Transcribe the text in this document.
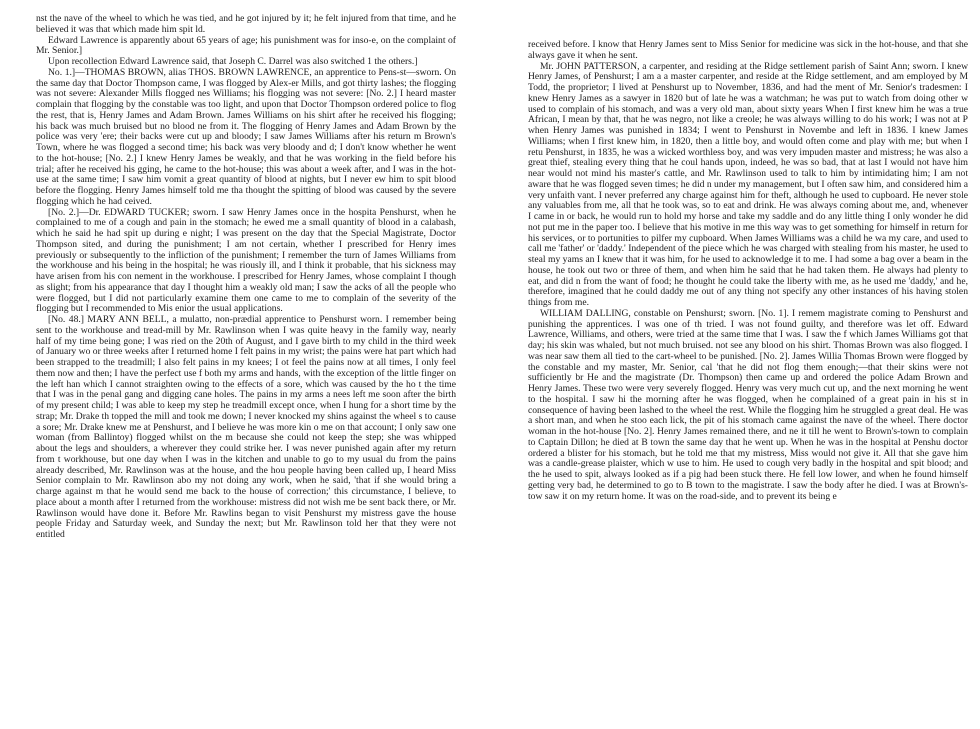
nst the nave of the wheel to which he was tied, and he got injured by it; he felt injured from that time, and he believed it was that which made him spit ld.

Edward Lawrence is apparently about 65 years of age; his punishment was for inso-e, on the complaint of Mr. Senior.]

Upon recollection Edward Lawrence said, that Joseph C. Darrel was also switched 1 the others.]

No. 1.]—THOMAS BROWN, alias THOS. BROWN LAWRENCE, an apprentice to Pens-st—sworn. On the same day that Doctor Thompson came, I was flogged by Alex-er Mills, and got thirty lashes; the flogging was not severe: Alexander Mills flogged nes Williams; his flogging was not severe: [No. 2.] I heard master complain that flogging by the constable was too light, and upon that Doctor Thompson ordered police to flog the rest, that is, Henry James and Adam Brown. James Williams on his shirt after he received his flogging; his back was much bruised but no blood ne from it. The flogging of Henry James and Adam Brown by the police was very 'ere; their backs were cut up and bloody; I saw James Williams after his return m Brown's Town, where he was flogged a second time; his back was very bloody and d; I don't know whether he went to the hot-house; [No. 2.] I knew Henry James be weakly, and that he was working in the field before his trial; after he received his gging, he came to the hot-house; this was about a week after, and I was in the hot-use at the same time; I saw him vomit a great quantity of blood at nights, but I never ew him to spit blood before the flogging. Henry James himself told me tha thought the spitting of blood was caused by the severe flogging which he had ceived.

[No. 2.]—Dr. EDWARD TUCKER; sworn. I saw Henry James once in the hospita Penshurst, when he complained to me of a cough and pain in the stomach; he ewed me a small quantity of blood in a calabash, which he said he had spit up during e night; I was present on the day that the Special Magistrate, Doctor Thompson sited, and during the punishment; I am not certain, whether I prescribed for Henry imes previously or subsequently to the infliction of the punishment; I remember the turn of James Williams from the workhouse and his being in the hospital; he was riously ill, and I think it probable, that his sickness may have arisen from his con nement in the workhouse. I prescribed for Henry James, whose complaint I though as slight; from his appearance that day I thought him a weakly old man; I saw the acks of all the people who were flogged, but I did not particularly examine them one came to me to complain of the severity of the flogging but I recommended to Mis enior the usual applications.

[No. 48.] MARY ANN BELL, a mulatto, non-prædial apprentice to Penshurst worn. I remember being sent to the workhouse and tread-mill by Mr. Rawlinson when I was quite heavy in the family way, nearly half of my time being gone; I was ried on the 20th of August, and I gave birth to my child in the third week of January wo or three weeks after I returned home I felt pains in my wrist; the pains were hat part which had been strapped to the treadmill; I also felt pains in my knees; I ot feel the pains now at all times, I only feel them now and then; I have the perfect use f both my arms and hands, with the exception of the little finger on the left han which I cannot straighten owing to the effects of a sore, which was caused by the ho t the time that I was in the penal gang and digging cane holes. The pains in my arms a nees left me soon after the birth of my present child; I was able to keep my step he treadmill except once, when I hung for a short time by the strap; Mr. Drake th topped the mill and took me down; I never knocked my shins against the wheel s to cause a sore; Mr. Drake knew me at Penshurst, and I believe he was more kin o me on that account; I only saw one woman (from Ballintoy) flogged whilst on the m because she could not keep the step; she was whipped about the legs and shoulders, a wherever they could strike her. I was never punished again after my return from t workhouse, but one day when I was in the kitchen and unable to go to my usual du from the pains already described, Mr. Rawlinson was at the house, and the hou people having been called up, I heard Miss Senior complain to Mr. Rawlinson abo my not doing any work, when he said, 'that if she would bring a charge against m that he would send me back to the house of correction;' this circumstance, I believe, to place about a month after I returned from the workhouse: mistress did not wish me be sent back there, or Mr. Rawlinson would have done it. Before Mr. Rawlins began to visit Penshurst my mistress gave the house people Friday and Saturday week, and Sunday the next; but Mr. Rawlinson told her that they were not entitled

received before. I know that Henry James sent to Miss Senior for medicine was sick in the hot-house, and that she always gave it when he sent.

Mr. JOHN PATTERSON, a carpenter, and residing at the Ridge settlement parish of Saint Ann; sworn. I knew Henry James, of Penshurst; I am a a master carpenter, and reside at the Ridge settlement, and am employed by M Todd, the proprietor; I lived at Penshurst up to November, 1836, and had the ment of Mr. Senior's tradesmen: I knew Henry James as a sawyer in 1820 but of late he was a watchman; he was put to watch from doing other w used to complain of his stomach, and was a very old man, about sixty years When I first knew him he was a true African, I mean by that, that he was negro, not like a creole; he was always willing to do his work; I was not at P when Henry James was punished in 1834; I went to Penshurst in Novembe and left in 1836. I knew James Williams; when I first knew him, in 1820, then a little boy, and would often come and play with me; but when I retu Penshurst, in 1835, he was a wicked worthless boy, and was very impuden master and mistress; he was also a great thief, stealing every thing that he coul hands upon, indeed, he was so bad, that at last I would not have him near would not mind his master's cattle, and Mr. Rawlinson used to talk to him by intimidating him; I am not aware that he was flogged seven times; he did n under my management, but I often saw him, and considered him a very unfaith vant. I never preferred any charge against him for theft, although he used to cupboard. He never stole any valuables from me, all that he took was, so to eat and drink. He was always coming about me, and, whenever I came in or back, he would run to hold my horse and take my saddle and do any little thing I only wonder he did not put me in the paper too. I believe that his motive in me this way was to get something for himself in return for his services, or to portunities to pilfer my cupboard. When James Williams was a child he wa my care, and used to call me 'father' or 'daddy.' Independent of the piece which he was charged with stealing from his master, he used to steal my yams an I knew that it was him, for he used to acknowledge it to me. I had some a bag over a beam in the house, he took out two or three of them, and when him he said that he had taken them. He always had plenty to eat, and did n from the want of food; he thought he could take the liberty with me, as he used me 'daddy,' and he, therefore, imagined that he could daddy me out of any thing not specify any other instances of his having stolen things from me.

WILLIAM DALLING, constable on Penshurst; sworn. [No. 1]. I remem magistrate coming to Penshurst and punishing the apprentices. I was one of th tried. I was not found guilty, and therefore was let off. Edward Lawrence, Williams, and others, were tried at the same time that I was. I saw the f which James Williams got that day; his skin was whaled, but not much bruised. not see any blood on his shirt. Thomas Brown was also flogged. I was near saw them all tied to the cart-wheel to be punished. [No. 2]. James Willia Thomas Brown were flogged by the constable and my master, Mr. Senior, cal 'that he did not flog them enough;—that their skins were not sufficiently br He and the magistrate (Dr. Thompson) then came up and ordered the police Adam Brown and Henry James. These two were very severely flogged. Henry was very much cut up, and the next morning he went to the hospital. I saw hi the morning after he was flogged, when he complained of a great pain in his st in consequence of having been lashed to the wheel the rest. While the flogging him he struggled a great deal. He was a short man, and when he stoo each lick, the pit of his stomach came against the nave of the wheel. There doctor woman in the hot-house [No. 2]. Henry James remained there, and ne it till he went to Brown's-town to complain to Captain Dillon; he died at B town the same day that he went up. When he was in the hospital at Penshu doctor ordered a blister for his stomach, but he told me that my mistress, Miss would not give it. All that she gave him was a candle-grease plaister, which w use to him. He used to cough very badly in the hospital and spit blood; and the he used to spit, always looked as if a pig had been stuck there. He fell low lower, and when he found himself getting very bad, he determined to go to B town to the magistrate. I saw the body after he died. I was at Brown's-tow saw it on my return home. It was on the road-side, and to prevent its being e
